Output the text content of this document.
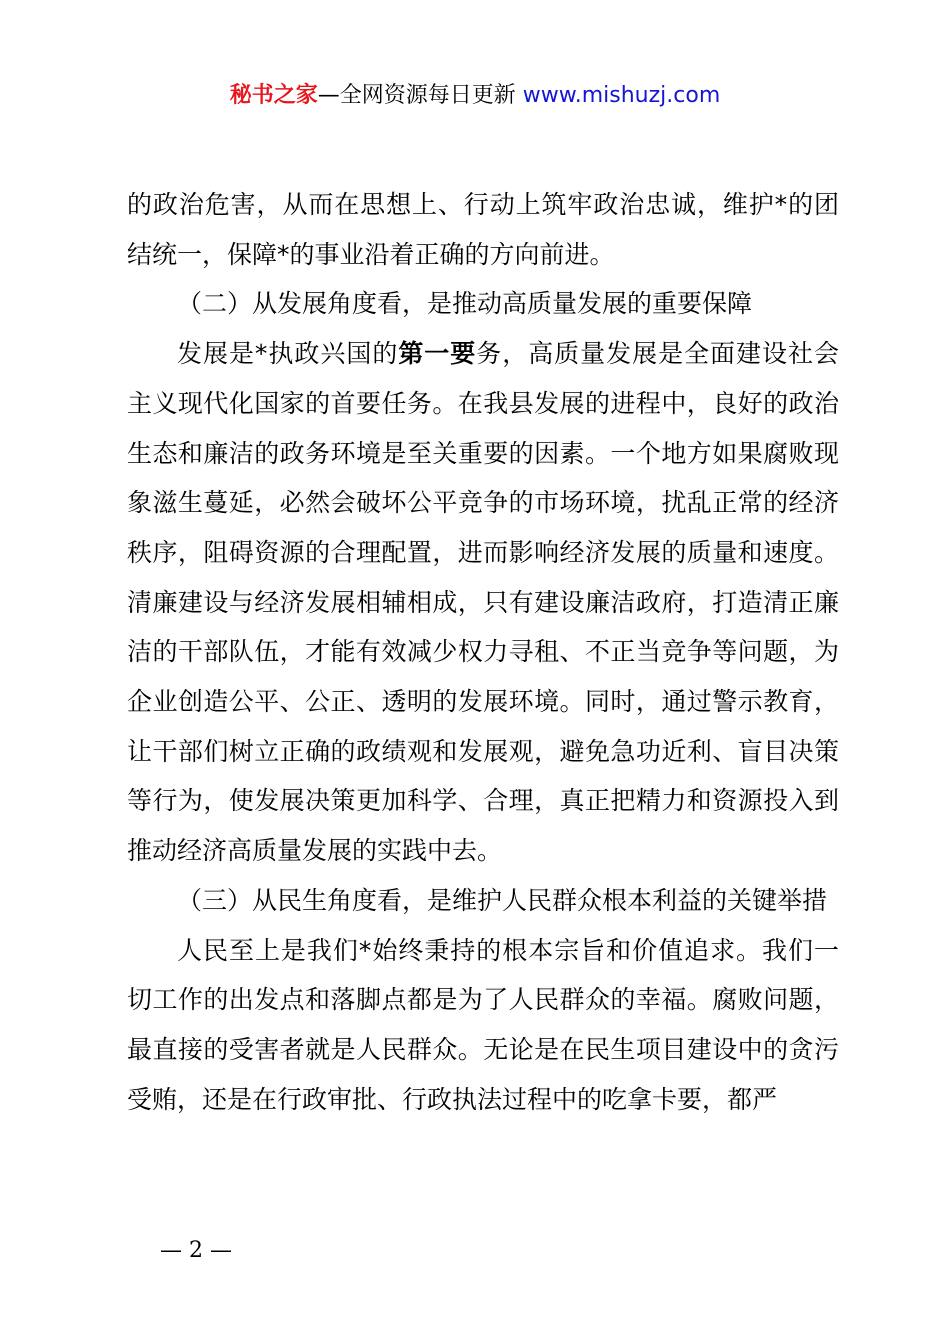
秘书之家—全网资源每日更新 www.mishuzj.com

的政治危害，从而在思想上、行动上筑牢政治忠诚，维护*的团结统一，保障*的事业沿着正确的方向前进。

（二）从发展角度看，是推动高质量发展的重要保障

发展是*执政兴国的第一要务，高质量发展是全面建设社会主义现代化国家的首要任务。在我县发展的进程中，良好的政治生态和廉洁的政务环境是至关重要的因素。一个地方如果腐败现象滋生蔓延，必然会破坏公平竞争的市场环境，扰乱正常的经济秩序，阻碍资源的合理配置，进而影响经济发展的质量和速度。清廉建设与经济发展相辅相成，只有建设廉洁政府，打造清正廉洁的干部队伍，才能有效减少权力寻租、不正当竞争等问题，为企业创造公平、公正、透明的发展环境。同时，通过警示教育，让干部们树立正确的政绩观和发展观，避免急功近利、盲目决策等行为，使发展决策更加科学、合理，真正把精力和资源投入到推动经济高质量发展的实践中去。

（三）从民生角度看，是维护人民群众根本利益的关键举措

人民至上是我们*始终秉持的根本宗旨和价值追求。我们一切工作的出发点和落脚点都是为了人民群众的幸福。腐败问题，最直接的受害者就是人民群众。无论是在民生项目建设中的贪污受贿，还是在行政审批、行政执法过程中的吃拿卡要，都严

— 2 —
